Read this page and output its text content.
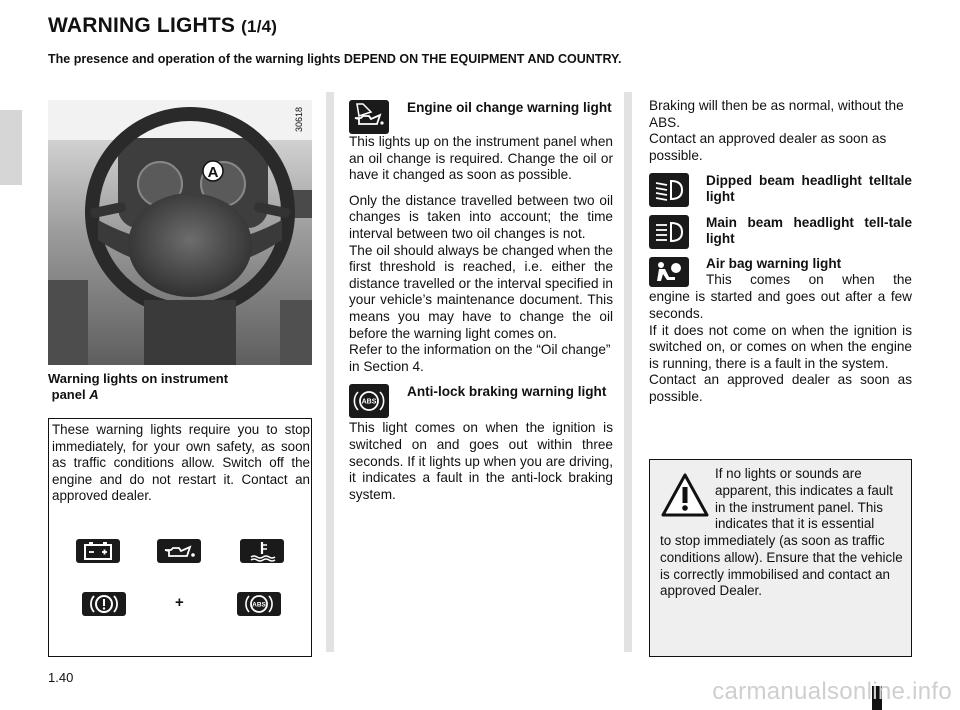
WARNING LIGHTS (1/4)
The presence and operation of the warning lights DEPEND ON THE EQUIPMENT AND COUNTRY.
A
30618
Warning lights on instrument
panel A

These warning lights require you to stop immediately, for your own safety, as soon as traffic conditions allow. Switch off the engine and do not restart it. Contact an approved dealer.

+	ABS
Engine oil change warning light

This lights up on the instrument panel when an oil change is required. Change the oil or have it changed as soon as possible.

Only the distance travelled between two oil changes is taken into account; the time interval between two oil changes is not.

The oil should always be changed when the first threshold is reached, i.e. either the distance travelled or the interval specified in your vehicle’s maintenance document. This means you may have to change the oil before the warning light comes on.

Refer to the information on the “Oil change” in Section 4.

ABS
Anti-lock braking warning light

This light comes on when the ignition is switched on and goes out within three seconds. If it lights up when you are driving, it indicates a fault in the anti-lock braking system.

Braking will then be as normal, without the ABS.

Contact an approved dealer as soon as possible.

Dipped beam headlight telltale light
Main beam headlight tell-tale light
Air bag warning light
This comes on when the

engine is started and goes out after a few seconds.

If it does not come on when the ignition is switched on, or comes on when the engine is running, there is a fault in the system.

Contact an approved dealer as soon as possible.

If no lights or sounds are apparent, this indicates a fault in the instrument panel. This indicates that it is essential
to stop immediately (as soon as traffic conditions allow). Ensure that the vehicle is correctly immobilised and contact an approved Dealer.
1.40
carmanualsonline.info
